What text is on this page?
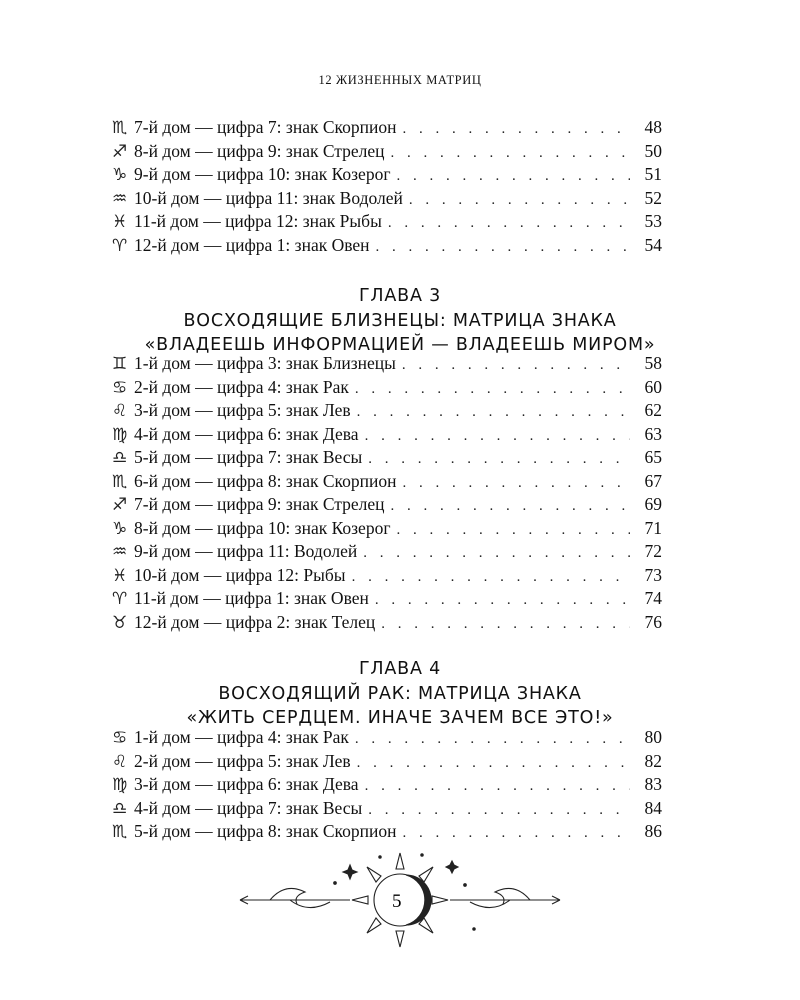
12 ЖИЗНЕННЫХ МАТРИЦ
♏ 7-й дом — цифра 7: знак Скорпион . . .	48
♐ 8-й дом — цифра 9: знак Стрелец . . .	50
♑ 9-й дом — цифра 10: знак Козерог . . .	51
♒ 10-й дом — цифра 11: знак Водолей . . .	52
♓ 11-й дом — цифра 12: знак Рыбы . . .	53
♈ 12-й дом — цифра 1: знак Овен . . .	54
ГЛАВА 3
ВОСХОДЯЩИЕ БЛИЗНЕЦЫ: МАТРИЦА ЗНАКА
«ВЛАДЕЕШЬ ИНФОРМАЦИЕЙ — ВЛАДЕЕШЬ МИРОМ»
♊ 1-й дом — цифра 3: знак Близнецы . . .	58
♋ 2-й дом — цифра 4: знак Рак . . .	60
♌ 3-й дом — цифра 5: знак Лев . . .	62
♍ 4-й дом — цифра 6: знак Дева . . .	63
♎ 5-й дом — цифра 7: знак Весы . . .	65
♏ 6-й дом — цифра 8: знак Скорпион . . .	67
♐ 7-й дом — цифра 9: знак Стрелец . . .	69
♑ 8-й дом — цифра 10: знак Козерог . . .	71
♒ 9-й дом — цифра 11: Водолей . . .	72
♓ 10-й дом — цифра 12: Рыбы . . .	73
♈ 11-й дом — цифра 1: знак Овен . . .	74
♉ 12-й дом — цифра 2: знак Телец . . .	76
ГЛАВА 4
ВОСХОДЯЩИЙ РАК: МАТРИЦА ЗНАКА
«ЖИТЬ СЕРДЦЕМ. ИНАЧЕ ЗАЧЕМ ВСЕ ЭТО!»
♋ 1-й дом — цифра 4: знак Рак . . .	80
♌ 2-й дом — цифра 5: знак Лев . . .	82
♍ 3-й дом — цифра 6: знак Дева . . .	83
♎ 4-й дом — цифра 7: знак Весы . . .	84
♏ 5-й дом — цифра 8: знак Скорпион . . .	86
5
